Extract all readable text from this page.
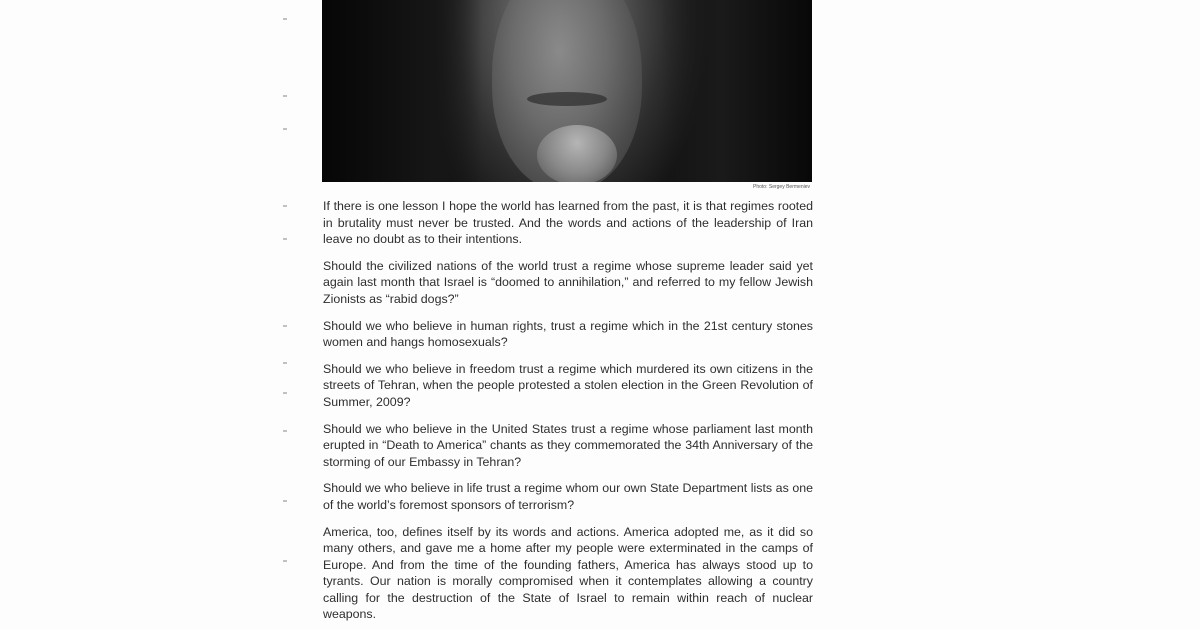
Photo: Sergey Bermeniev

If there is one lesson I hope the world has learned from the past, it is that regimes rooted in brutality must never be trusted. And the words and actions of the leadership of Iran leave no doubt as to their intentions.

Should the civilized nations of the world trust a regime whose supreme leader said yet again last month that Israel is “doomed to annihilation,” and referred to my fellow Jewish Zionists as “rabid dogs?”

Should we who believe in human rights, trust a regime which in the 21st century stones women and hangs homosexuals?

Should we who believe in freedom trust a regime which murdered its own citizens in the streets of Tehran, when the people protested a stolen election in the Green Revolution of Summer, 2009?

Should we who believe in the United States trust a regime whose parliament last month erupted in “Death to America” chants as they commemorated the 34th Anniversary of the storming of our Embassy in Tehran?

Should we who believe in life trust a regime whom our own State Department lists as one of the world’s foremost sponsors of terrorism?

America, too, defines itself by its words and actions. America adopted me, as it did so many others, and gave me a home after my people were exterminated in the camps of Europe. And from the time of the founding fathers, America has always stood up to tyrants. Our nation is morally compromised when it contemplates allowing a country calling for the destruction of the State of Israel to remain within reach of nuclear weapons.
